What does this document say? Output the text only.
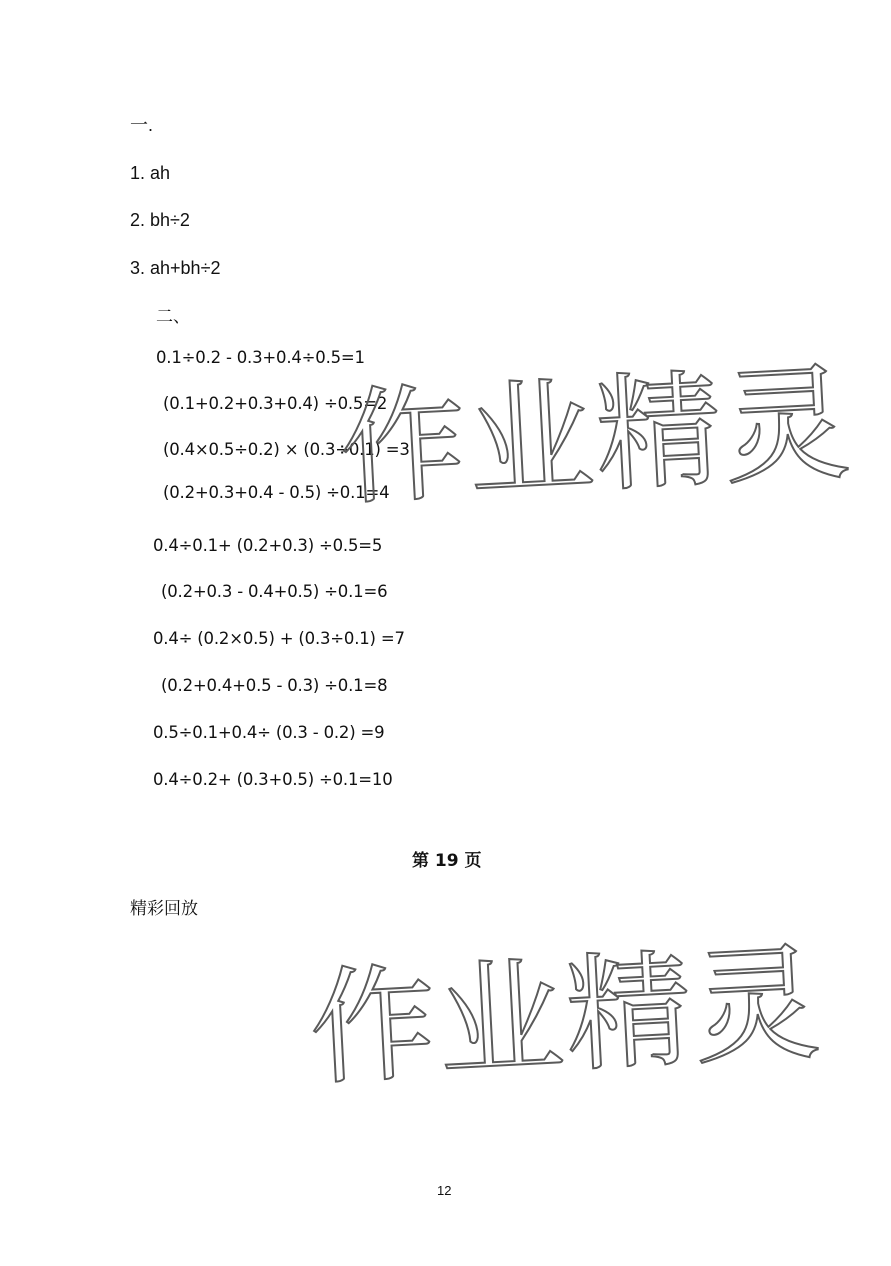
一.
1. ah
2. bh÷2
3. ah+bh÷2
二、
0.1÷0.2 - 0.3+0.4÷0.5=1
(0.1+0.2+0.3+0.4) ÷0.5=2
(0.4×0.5÷0.2) × (0.3÷0.1) =3
(0.2+0.3+0.4 - 0.5) ÷0.1=4
0.4÷0.1+ (0.2+0.3) ÷0.5=5
(0.2+0.3 - 0.4+0.5) ÷0.1=6
0.4÷ (0.2×0.5) + (0.3÷0.1) =7
(0.2+0.4+0.5 - 0.3) ÷0.1=8
0.5÷0.1+0.4÷ (0.3 - 0.2) =9
0.4÷0.2+ (0.3+0.5) ÷0.1=10
第 19 页
精彩回放
12
作业精灵
作业精灵
